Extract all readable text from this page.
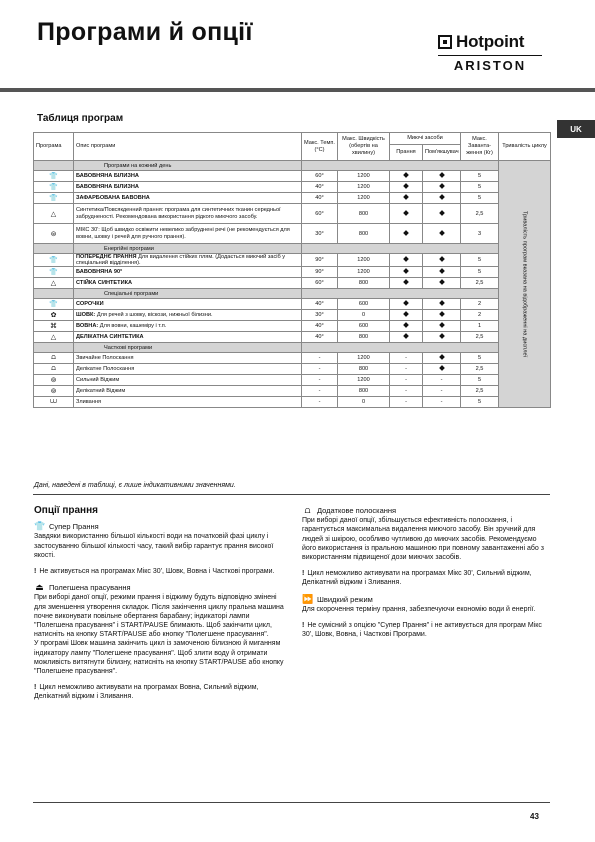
Програми й опції	Hotpoint
ARISTON
Таблиця програм
UK
Програма	Опис програми	Макс. Темп. (°C)	Макс. Швидкість (обертів на хвилину)	Миючі засоби		Макс. Заванта-ження (Кг)	Тривалість циклу
				Прання	Пом'якшувач		
	Програми на кожний день						Тривалість програм вказана на відображенні на дисплеї

👕	БАВОВНЯНА БІЛИЗНА	60°	1200			5	
👕	БАВОВНЯНА БІЛИЗНА	40°	1200			5	
👕	ЗАФАРБОВАНА БАВОВНА	40°	1200			5	
△	Синтетика/Повсякденний прання: програма для синтетичних тканин середньої забрудненості. Рекомендована використання рідкого миючого засобу.	60°	800			2,5	
⊜	МІКС 30': Щоб швидко освіжити невелико забруднені речі (не рекомендується для вовни, шовку і речей для ручного прання).	30°	800			3	
	Енергійні програми						
👕	ПОПЕРЕДНЄ ПРАННЯ Для видалення стійких плям. (Додається миючий засіб у спеціальний відділення).	90°	1200			5	
👕	БАВОВНЯНА 90°	90°	1200			5	
△	СТІЙКА СИНТЕТИКА	60°	800			2,5	
	Спеціальні програми						
👕	СОРОЧКИ	40°	600			2	
✿	ШОВК: Для речей з шовку, віскози, нижньої білизни.	30°	0			2	
⌘	ВОВНА: Для вовни, кашеміру і т.п.	40°	600			1	
△	ДЕЛІКАТНА СИНТЕТИКА	40°	800			2,5	
	Часткові програми						
⩍	Звичайне Полоскання	-	1200	-		5	
⩍	Делікатне Полоскання	-	800	-		2,5	
⊚	Сильний Віджим	-	1200	-	-	5	
⊚	Делікатний Віджим	-	800	-	-	2,5	
⩊	Зливання	-	0	-	-	5	
Дані, наведені в таблиці, є лише індикативними значеннями.
Опції прання
👕 Супер Прання

Завдяки використанню більшої кількості води на початковій фазі циклу і застосуванню більшої кількості часу, такий вибір гарантує прання високої якості.

! Не активується на програмах Мікс 30', Шовк, Вовна і Часткові програми.

⏏ Полегшена прасування

При виборі даної опції, режими прання і віджиму будуть відповідно змінені для зменшення утворення складок. Після закінчення циклу пральна машина почне виконувати повільне обертання барабану; індикаторі лампи "Полегшена прасування" і START/PAUSE блимають. Щоб закінчити цикл, натисніть на кнопку START/PAUSE або кнопку "Полегшене прасування".

У програмі Шовк машина закінчить цикл із замоченою білизною й миганням індикатору лампу "Полегшене прасування". Щоб злити воду й отримати можливість витягнути білизну, натисніть на кнопку START/PAUSE або кнопку "Полегшене прасування".

! Цикл неможливо активувати на програмах Вовна, Сильний віджим, Делікатний віджим і Зливання.

⩍ Додаткове полоскання

При виборі даної опції, збільшується ефективність полоскання, і гарантується максимальна видалення миючого засобу. Він зручний для людей зі шкірою, особливо чутливою до миючих засобів. Рекомендуємо його використання із пральною машиною при повному завантаженні або з використанням підвищеної дози миючих засобів.

! Цикл неможливо активувати на програмах Мікс 30', Сильний віджим, Делікатний віджим і Зливання.

⏩ Швидкий режим

Для скорочення терміну прання, забезпечуючи економію води й енергії.

! Не сумісний з опцією "Супер Прання" і не активується для програм Мікс 30', Шовк, Вовна, і Часткові Програми.

43
